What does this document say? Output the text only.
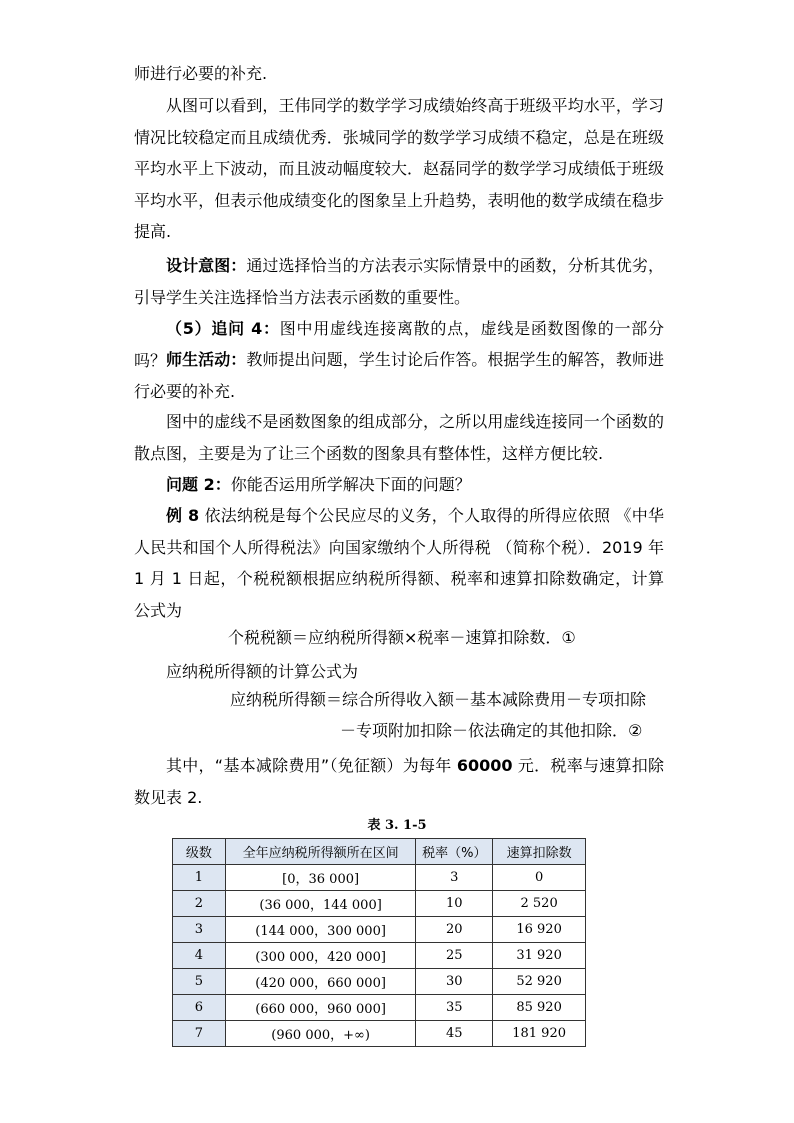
师进行必要的补充.

从图可以看到，王伟同学的数学学习成绩始终高于班级平均水平，学习情况比较稳定而且成绩优秀．张城同学的数学学习成绩不稳定，总是在班级平均水平上下波动，而且波动幅度较大．赵磊同学的数学学习成绩低于班级平均水平，但表示他成绩变化的图象呈上升趋势，表明他的数学成绩在稳步提高.

设计意图：通过选择恰当的方法表示实际情景中的函数，分析其优劣，引导学生关注选择恰当方法表示函数的重要性。

（5）追问 4：图中用虚线连接离散的点，虚线是函数图像的一部分吗？ 师生活动：教师提出问题，学生讨论后作答。根据学生的解答，教师进行必要的补充.

图中的虚线不是函数图象的组成部分，之所以用虚线连接同一个函数的散点图，主要是为了让三个函数的图象具有整体性，这样方便比较.

问题 2：你能否运用所学解决下面的问题？

例 8 依法纳税是每个公民应尽的义务，个人取得的所得应依照 《中华人民共和国个人所得税法》向国家缴纳个人所得税 （简称个税）．2019 年 1 月 1 日起，个税税额根据应纳税所得额、税率和速算扣除数确定，计算公式为

个税税额＝应纳税所得额×税率－速算扣除数．①

应纳税所得额的计算公式为

应纳税所得额＝综合所得收入额－基本减除费用－专项扣除
－专项附加扣除－依法确定的其他扣除．②

其中，“基本减除费用”（免征额）为每年 60000 元．税率与速算扣除数见表 2.

表 3. 1-5
级数	全年应纳税所得额所在区间	税率（%）	速算扣除数
1	[0，36 000]	3	0
2	(36 000，144 000]	10	2 520
3	(144 000，300 000]	20	16 920
4	(300 000，420 000]	25	31 920
5	(420 000，660 000]	30	52 920
6	(660 000，960 000]	35	85 920
7	(960 000，+∞)	45	181 920
